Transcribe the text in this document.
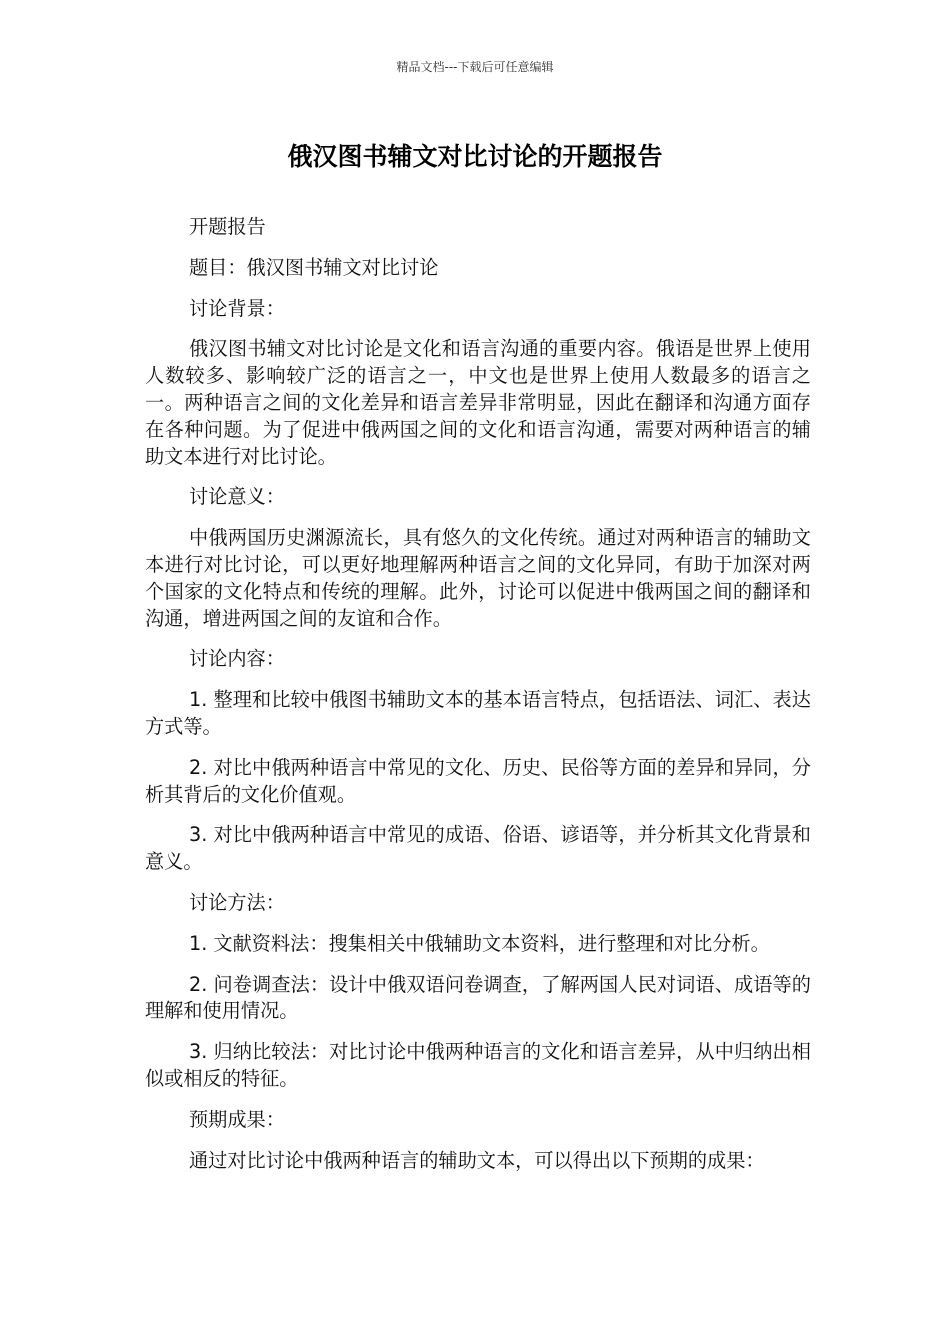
精品文档---下载后可任意编辑
俄汉图书辅文对比讨论的开题报告

开题报告

题目：俄汉图书辅文对比讨论

讨论背景：

俄汉图书辅文对比讨论是文化和语言沟通的重要内容。俄语是世界上使用人数较多、影响较广泛的语言之一，中文也是世界上使用人数最多的语言之一。两种语言之间的文化差异和语言差异非常明显，因此在翻译和沟通方面存在各种问题。为了促进中俄两国之间的文化和语言沟通，需要对两种语言的辅助文本进行对比讨论。

讨论意义：

中俄两国历史渊源流长，具有悠久的文化传统。通过对两种语言的辅助文本进行对比讨论，可以更好地理解两种语言之间的文化异同，有助于加深对两个国家的文化特点和传统的理解。此外，讨论可以促进中俄两国之间的翻译和沟通，增进两国之间的友谊和合作。

讨论内容：

1. 整理和比较中俄图书辅助文本的基本语言特点，包括语法、词汇、表达方式等。

2. 对比中俄两种语言中常见的文化、历史、民俗等方面的差异和异同，分析其背后的文化价值观。

3. 对比中俄两种语言中常见的成语、俗语、谚语等，并分析其文化背景和意义。

讨论方法：

1. 文献资料法：搜集相关中俄辅助文本资料，进行整理和对比分析。

2. 问卷调查法：设计中俄双语问卷调查，了解两国人民对词语、成语等的理解和使用情况。

3. 归纳比较法：对比讨论中俄两种语言的文化和语言差异，从中归纳出相似或相反的特征。

预期成果：

通过对比讨论中俄两种语言的辅助文本，可以得出以下预期的成果：
